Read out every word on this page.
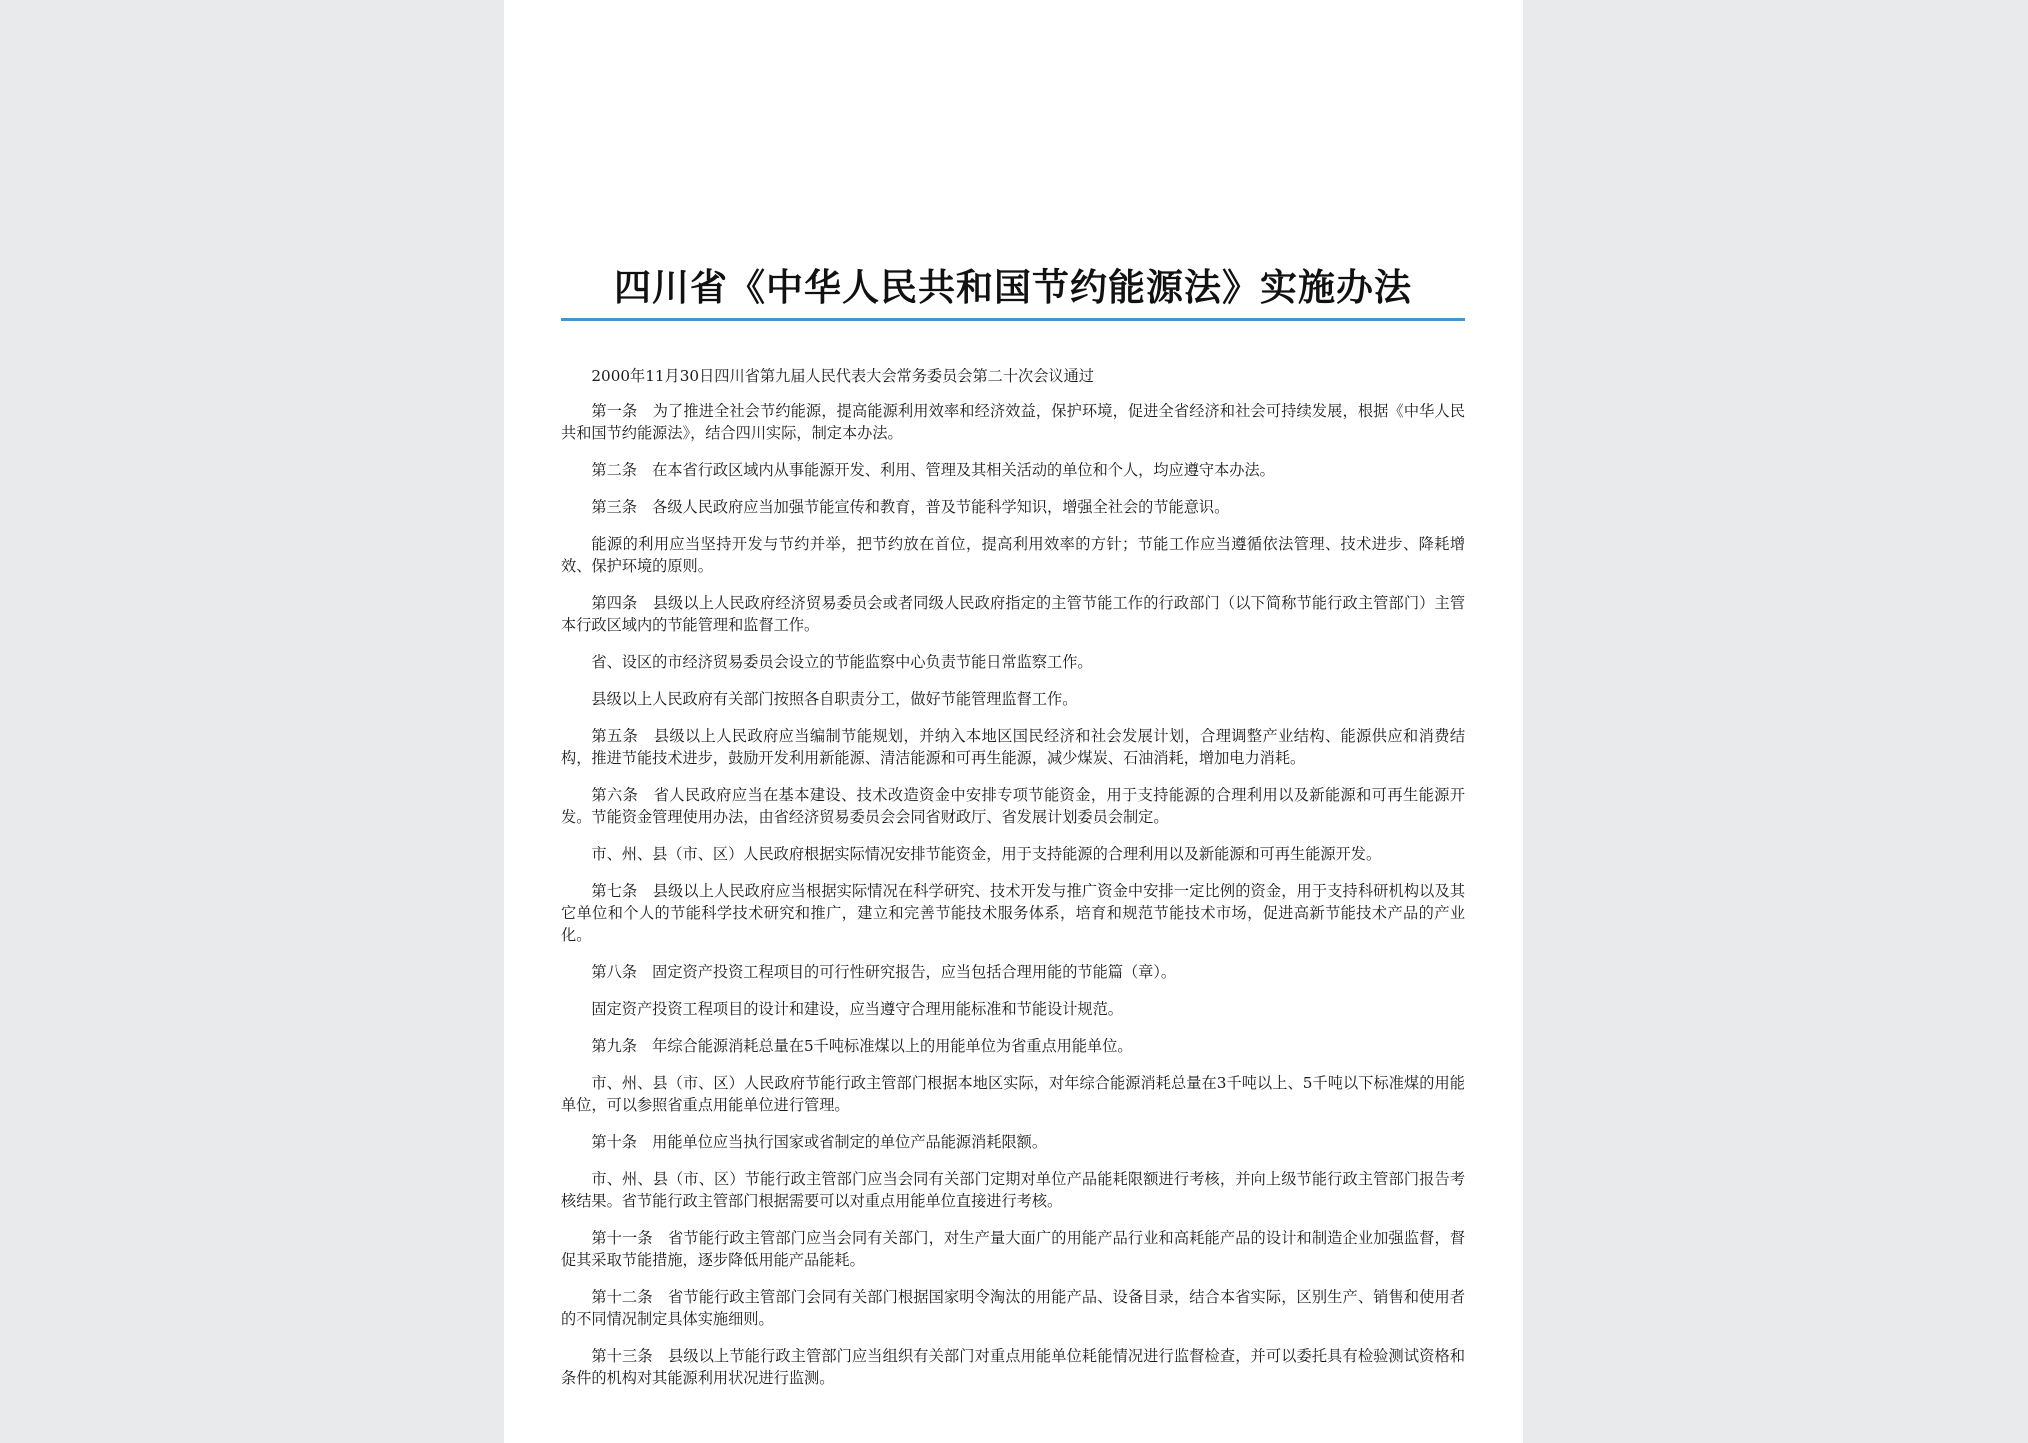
四川省《中华人民共和国节约能源法》实施办法

2000年11月30日四川省第九届人民代表大会常务委员会第二十次会议通过

第一条　为了推进全社会节约能源，提高能源利用效率和经济效益，保护环境，促进全省经济和社会可持续发展，根据《中华人民共和国节约能源法》，结合四川实际，制定本办法。

第二条　在本省行政区域内从事能源开发、利用、管理及其相关活动的单位和个人，均应遵守本办法。

第三条　各级人民政府应当加强节能宣传和教育，普及节能科学知识，增强全社会的节能意识。

能源的利用应当坚持开发与节约并举，把节约放在首位，提高利用效率的方针；节能工作应当遵循依法管理、技术进步、降耗增效、保护环境的原则。

第四条　县级以上人民政府经济贸易委员会或者同级人民政府指定的主管节能工作的行政部门（以下简称节能行政主管部门）主管本行政区域内的节能管理和监督工作。

省、设区的市经济贸易委员会设立的节能监察中心负责节能日常监察工作。

县级以上人民政府有关部门按照各自职责分工，做好节能管理监督工作。

第五条　县级以上人民政府应当编制节能规划，并纳入本地区国民经济和社会发展计划，合理调整产业结构、能源供应和消费结构，推进节能技术进步，鼓励开发利用新能源、清洁能源和可再生能源，减少煤炭、石油消耗，增加电力消耗。

第六条　省人民政府应当在基本建设、技术改造资金中安排专项节能资金，用于支持能源的合理利用以及新能源和可再生能源开发。节能资金管理使用办法，由省经济贸易委员会会同省财政厅、省发展计划委员会制定。

市、州、县（市、区）人民政府根据实际情况安排节能资金，用于支持能源的合理利用以及新能源和可再生能源开发。

第七条　县级以上人民政府应当根据实际情况在科学研究、技术开发与推广资金中安排一定比例的资金，用于支持科研机构以及其它单位和个人的节能科学技术研究和推广，建立和完善节能技术服务体系，培育和规范节能技术市场，促进高新节能技术产品的产业化。

第八条　固定资产投资工程项目的可行性研究报告，应当包括合理用能的节能篇（章）。

固定资产投资工程项目的设计和建设，应当遵守合理用能标准和节能设计规范。

第九条　年综合能源消耗总量在5千吨标准煤以上的用能单位为省重点用能单位。

市、州、县（市、区）人民政府节能行政主管部门根据本地区实际，对年综合能源消耗总量在3千吨以上、5千吨以下标准煤的用能单位，可以参照省重点用能单位进行管理。

第十条　用能单位应当执行国家或省制定的单位产品能源消耗限额。

市、州、县（市、区）节能行政主管部门应当会同有关部门定期对单位产品能耗限额进行考核，并向上级节能行政主管部门报告考核结果。省节能行政主管部门根据需要可以对重点用能单位直接进行考核。

第十一条　省节能行政主管部门应当会同有关部门，对生产量大面广的用能产品行业和高耗能产品的设计和制造企业加强监督，督促其采取节能措施，逐步降低用能产品能耗。

第十二条　省节能行政主管部门会同有关部门根据国家明令淘汰的用能产品、设备目录，结合本省实际，区别生产、销售和使用者的不同情况制定具体实施细则。

第十三条　县级以上节能行政主管部门应当组织有关部门对重点用能单位耗能情况进行监督检查，并可以委托具有检验测试资格和条件的机构对其能源利用状况进行监测。
